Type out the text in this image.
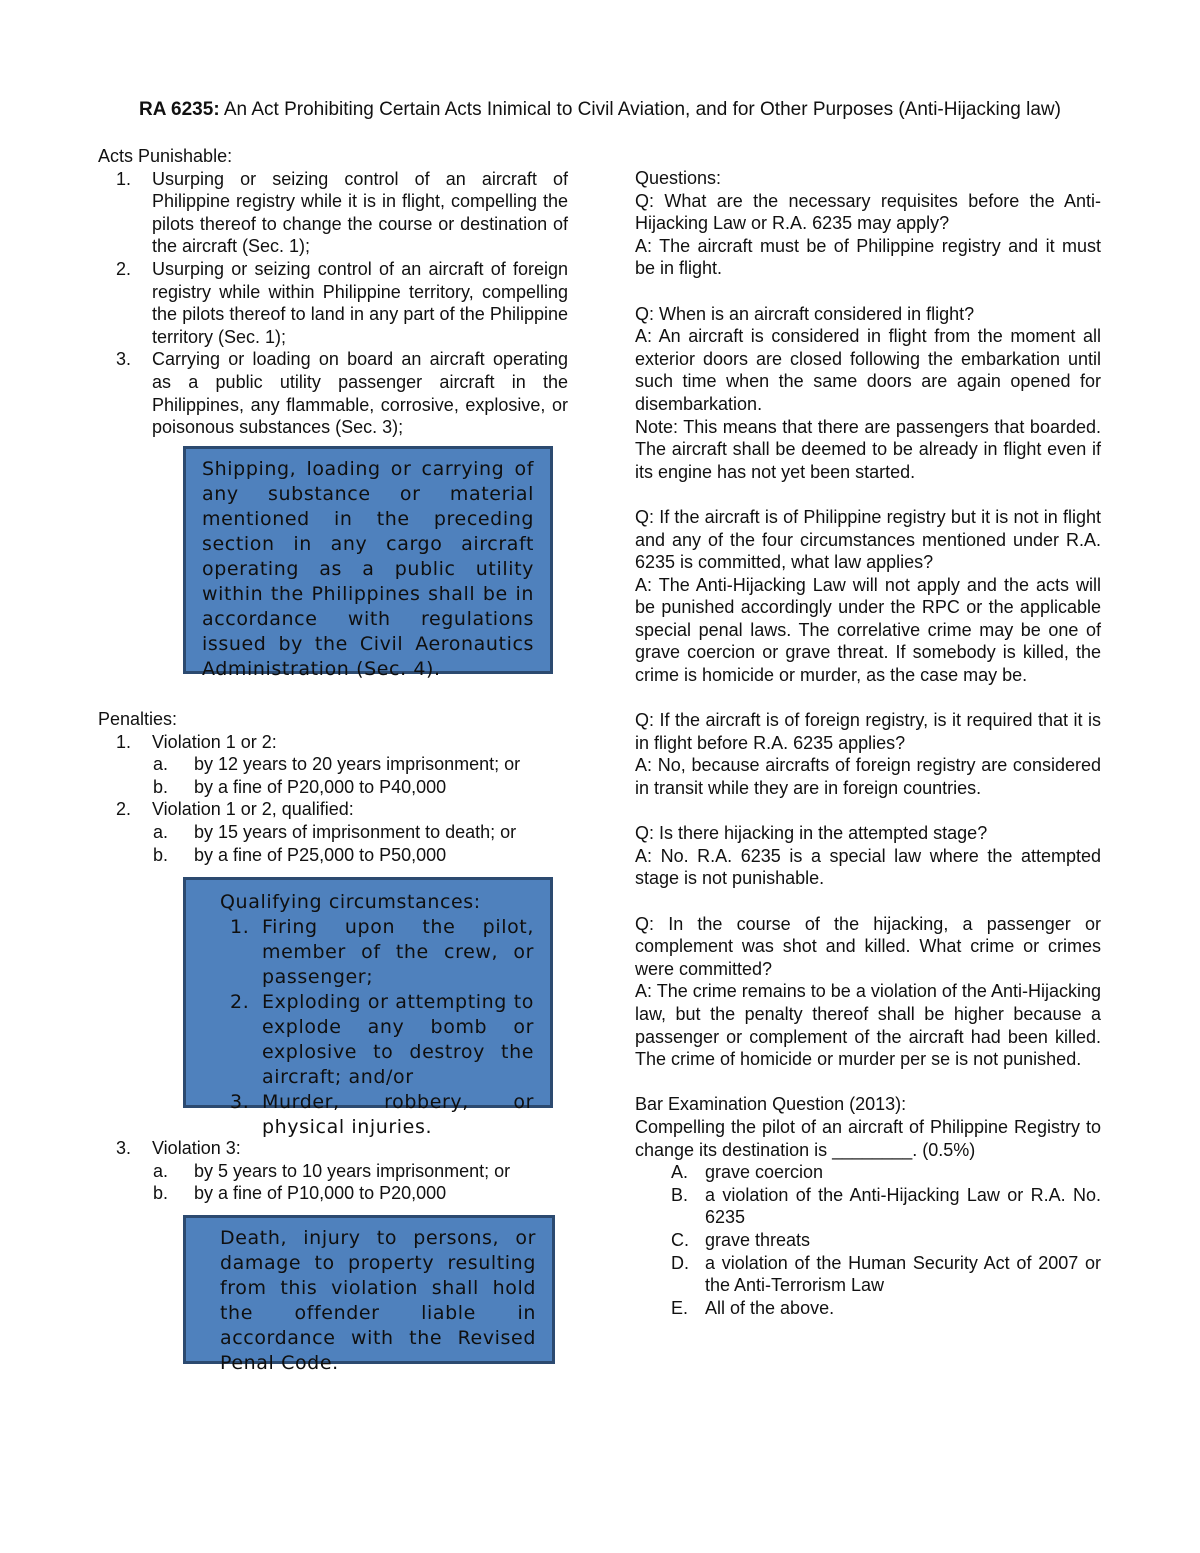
RA 6235: An Act Prohibiting Certain Acts Inimical to Civil Aviation, and for Other Purposes (Anti-Hijacking law)
Acts Punishable:
1. Usurping or seizing control of an aircraft of Philippine registry while it is in flight, compelling the pilots thereof to change the course or destination of the aircraft (Sec. 1);
2. Usurping or seizing control of an aircraft of foreign registry while within Philippine territory, compelling the pilots thereof to land in any part of the Philippine territory (Sec. 1);
3. Carrying or loading on board an aircraft operating as a public utility passenger aircraft in the Philippines, any flammable, corrosive, explosive, or poisonous substances (Sec. 3);
Shipping, loading or carrying of any substance or material mentioned in the preceding section in any cargo aircraft operating as a public utility within the Philippines shall be in accordance with regulations issued by the Civil Aeronautics Administration (Sec. 4).
Penalties:
1. Violation 1 or 2:
a. by 12 years to 20 years imprisonment; or
b. by a fine of P20,000 to P40,000
2. Violation 1 or 2, qualified:
a. by 15 years of imprisonment to death; or
b. by a fine of P25,000 to P50,000
Qualifying circumstances:
1. Firing upon the pilot, member of the crew, or passenger;
2. Exploding or attempting to explode any bomb or explosive to destroy the aircraft; and/or
3. Murder, robbery, or physical injuries.
3. Violation 3:
a. by 5 years to 10 years imprisonment; or
b. by a fine of P10,000 to P20,000
Death, injury to persons, or damage to property resulting from this violation shall hold the offender liable in accordance with the Revised Penal Code.
Questions:
Q: What are the necessary requisites before the Anti-Hijacking Law or R.A. 6235 may apply?
A: The aircraft must be of Philippine registry and it must be in flight.
Q: When is an aircraft considered in flight?
A: An aircraft is considered in flight from the moment all exterior doors are closed following the embarkation until such time when the same doors are again opened for disembarkation.
Note: This means that there are passengers that boarded. The aircraft shall be deemed to be already in flight even if its engine has not yet been started.
Q: If the aircraft is of Philippine registry but it is not in flight and any of the four circumstances mentioned under R.A. 6235 is committed, what law applies?
A: The Anti-Hijacking Law will not apply and the acts will be punished accordingly under the RPC or the applicable special penal laws. The correlative crime may be one of grave coercion or grave threat. If somebody is killed, the crime is homicide or murder, as the case may be.
Q: If the aircraft is of foreign registry, is it required that it is in flight before R.A. 6235 applies?
A: No, because aircrafts of foreign registry are considered in transit while they are in foreign countries.
Q: Is there hijacking in the attempted stage?
A: No. R.A. 6235 is a special law where the attempted stage is not punishable.
Q: In the course of the hijacking, a passenger or complement was shot and killed. What crime or crimes were committed?
A: The crime remains to be a violation of the Anti-Hijacking law, but the penalty thereof shall be higher because a passenger or complement of the aircraft had been killed. The crime of homicide or murder per se is not punished.
Bar Examination Question (2013):
Compelling the pilot of an aircraft of Philippine Registry to change its destination is ________. (0.5%)
A. grave coercion
B. a violation of the Anti-Hijacking Law or R.A. No. 6235
C. grave threats
D. a violation of the Human Security Act of 2007 or the Anti-Terrorism Law
E. All of the above.
